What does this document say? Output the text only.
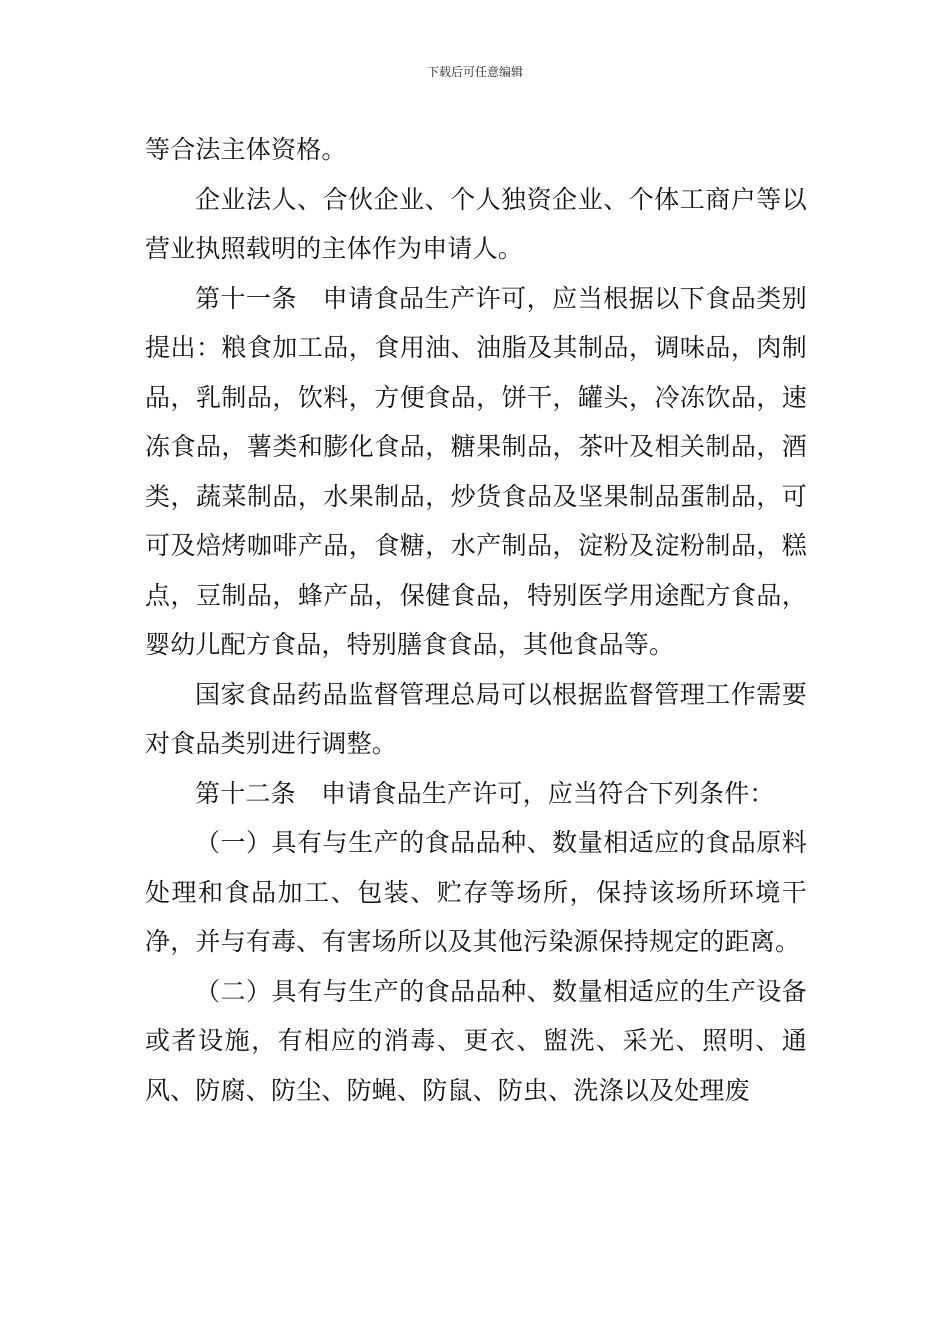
下载后可任意编辑

等合法主体资格。

企业法人、合伙企业、个人独资企业、个体工商户等以营业执照载明的主体作为申请人。

第十一条　申请食品生产许可，应当根据以下食品类别提出：粮食加工品，食用油、油脂及其制品，调味品，肉制品，乳制品，饮料，方便食品，饼干，罐头，冷冻饮品，速冻食品，薯类和膨化食品，糖果制品，茶叶及相关制品，酒类，蔬菜制品，水果制品，炒货食品及坚果制品蛋制品，可可及焙烤咖啡产品，食糖，水产制品，淀粉及淀粉制品，糕点，豆制品，蜂产品，保健食品，特别医学用途配方食品，婴幼儿配方食品，特别膳食食品，其他食品等。

国家食品药品监督管理总局可以根据监督管理工作需要对食品类别进行调整。

第十二条　申请食品生产许可，应当符合下列条件：

（一）具有与生产的食品品种、数量相适应的食品原料处理和食品加工、包装、贮存等场所，保持该场所环境干净，并与有毒、有害场所以及其他污染源保持规定的距离。

（二）具有与生产的食品品种、数量相适应的生产设备或者设施，有相应的消毒、更衣、盥洗、采光、照明、通风、防腐、防尘、防蝇、防鼠、防虫、洗涤以及处理废
